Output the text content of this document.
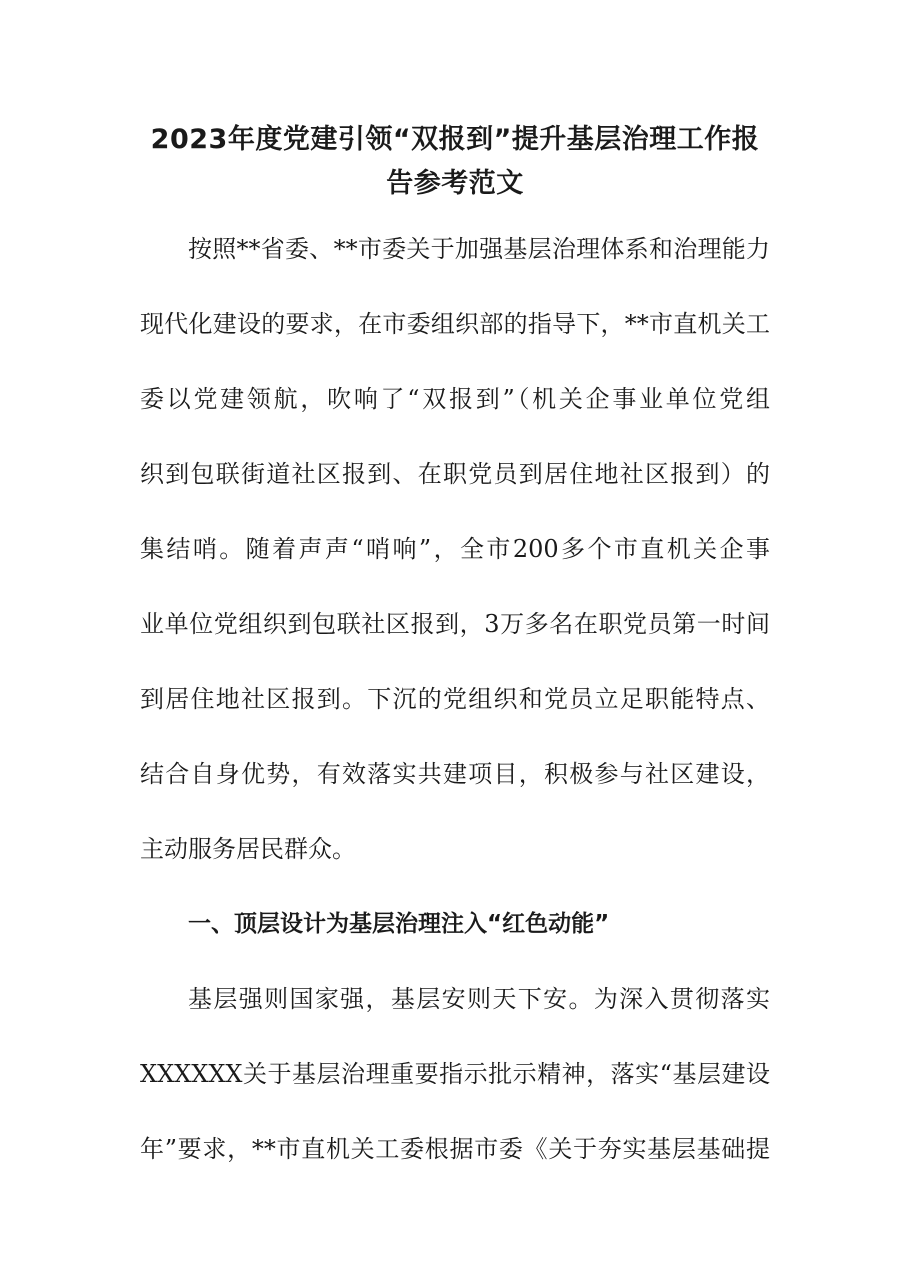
2023年度党建引领“双报到”提升基层治理工作报
告参考范文

按照**省委、**市委关于加强基层治理体系和治理能力

现代化建设的要求，在市委组织部的指导下，**市直机关工

委以党建领航，吹响了“双报到”（机关企事业单位党组

织到包联街道社区报到、在职党员到居住地社区报到）的

集结哨。随着声声“哨响”，全市200多个市直机关企事

业单位党组织到包联社区报到，3万多名在职党员第一时间

到居住地社区报到。下沉的党组织和党员立足职能特点、

结合自身优势，有效落实共建项目，积极参与社区建设，

主动服务居民群众。

一、顶层设计为基层治理注入“红色动能”

基层强则国家强，基层安则天下安。为深入贯彻落实

XXXXXX关于基层治理重要指示批示精神，落实“基层建设

年”要求，**市直机关工委根据市委《关于夯实基层基础提
